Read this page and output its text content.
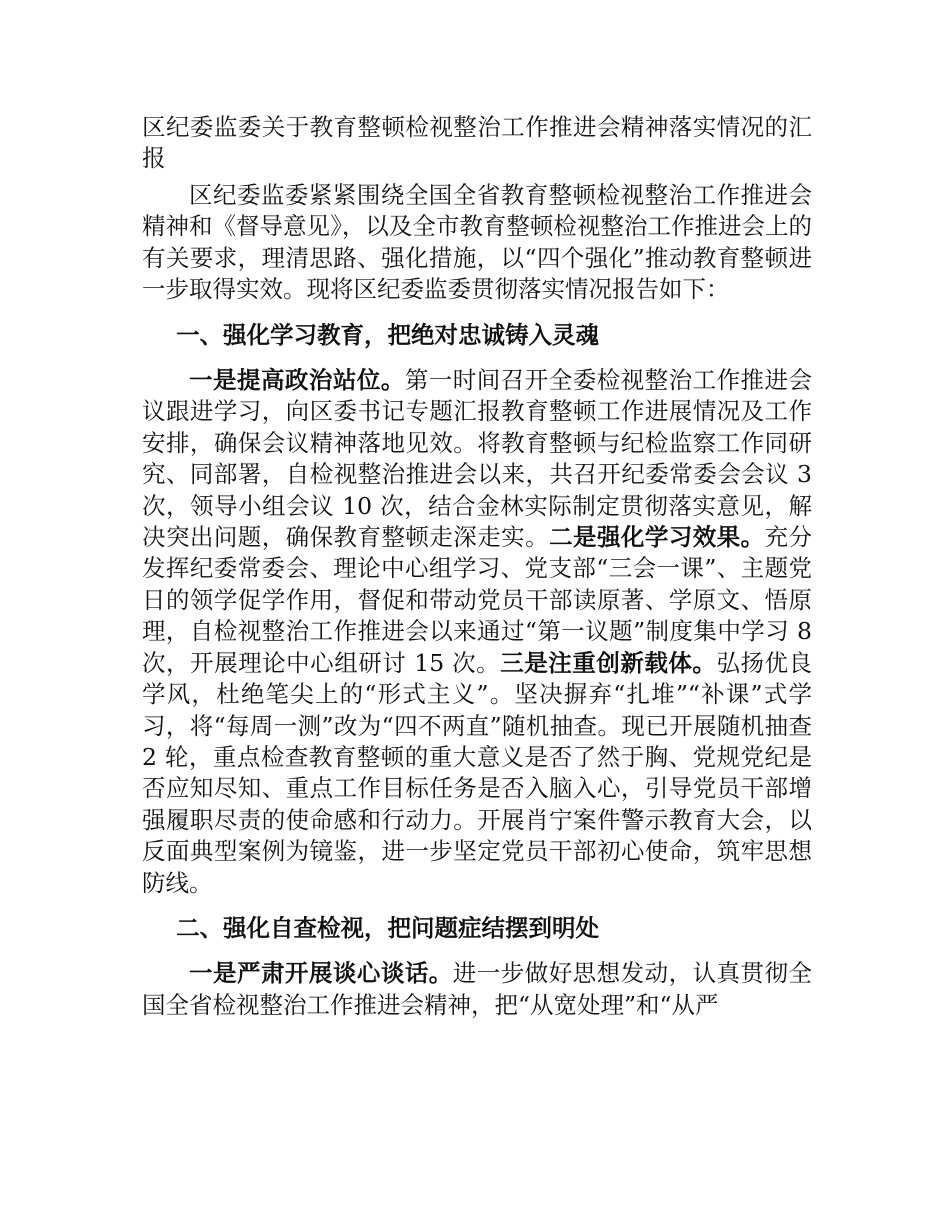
区纪委监委关于教育整顿检视整治工作推进会精神落实情况的汇报

区纪委监委紧紧围绕全国全省教育整顿检视整治工作推进会精神和《督导意见》，以及全市教育整顿检视整治工作推进会上的有关要求，理清思路、强化措施，以“四个强化”推动教育整顿进一步取得实效。现将区纪委监委贯彻落实情况报告如下：

一、强化学习教育，把绝对忠诚铸入灵魂

一是提高政治站位。第一时间召开全委检视整治工作推进会议跟进学习，向区委书记专题汇报教育整顿工作进展情况及工作安排，确保会议精神落地见效。将教育整顿与纪检监察工作同研究、同部署，自检视整治推进会以来，共召开纪委常委会会议 3 次，领导小组会议 10 次，结合金林实际制定贯彻落实意见，解决突出问题，确保教育整顿走深走实。二是强化学习效果。充分发挥纪委常委会、理论中心组学习、党支部“三会一课”、主题党日的领学促学作用，督促和带动党员干部读原著、学原文、悟原理，自检视整治工作推进会以来通过“第一议题”制度集中学习 8 次，开展理论中心组研讨 15 次。三是注重创新载体。弘扬优良学风，杜绝笔尖上的“形式主义”。坚决摒弃“扎堆”“补课”式学习，将“每周一测”改为“四不两直”随机抽查。现已开展随机抽查 2 轮，重点检查教育整顿的重大意义是否了然于胸、党规党纪是否应知尽知、重点工作目标任务是否入脑入心，引导党员干部增强履职尽责的使命感和行动力。开展肖宁案件警示教育大会，以反面典型案例为镜鉴，进一步坚定党员干部初心使命，筑牢思想防线。

二、强化自查检视，把问题症结摆到明处

一是严肃开展谈心谈话。进一步做好思想发动，认真贯彻全国全省检视整治工作推进会精神，把“从宽处理”和“从严
